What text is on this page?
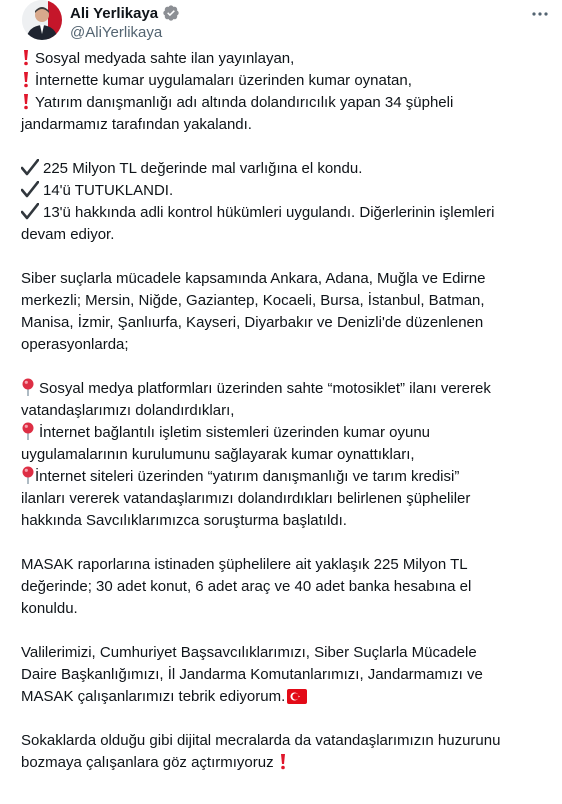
Ali Yerlikaya
@AliYerlikaya
Sosyal medyada sahte ilan yayınlayan,
İnternette kumar uygulamaları üzerinden kumar oynatan,
Yatırım danışmanlığı adı altında dolandırıcılık yapan 34 şüpheli
jandarmamız tarafından yakalandı.
225 Milyon TL değerinde mal varlığına el kondu.
14'ü TUTUKLANDI.
13'ü hakkında adli kontrol hükümleri uygulandı. Diğerlerinin işlemleri
devam ediyor.
Siber suçlarla mücadele kapsamında Ankara, Adana, Muğla ve Edirne
merkezli; Mersin, Niğde, Gaziantep, Kocaeli, Bursa, İstanbul, Batman,
Manisa, İzmir, Şanlıurfa, Kayseri, Diyarbakır ve Denizli'de düzenlenen
operasyonlarda;
Sosyal medya platformları üzerinden sahte “motosiklet” ilanı vererek
vatandaşlarımızı dolandırdıkları,
İnternet bağlantılı işletim sistemleri üzerinden kumar oyunu
uygulamalarının kurulumunu sağlayarak kumar oynattıkları,
İnternet siteleri üzerinden “yatırım danışmanlığı ve tarım kredisi”
ilanları vererek vatandaşlarımızı dolandırdıkları belirlenen şüpheliler
hakkında Savcılıklarımızca soruşturma başlatıldı.
MASAK raporlarına istinaden şüphelilere ait yaklaşık 225 Milyon TL
değerinde; 30 adet konut, 6 adet araç ve 40 adet banka hesabına el
konuldu.
Valilerimizi, Cumhuriyet Başsavcılıklarımızı, Siber Suçlarla Mücadele
Daire Başkanlığımızı, İl Jandarma Komutanlarımızı, Jandarmamızı ve
MASAK çalışanlarımızı tebrik ediyorum.
Sokaklarda olduğu gibi dijital mecralarda da vatandaşlarımızın huzurunu
bozmaya çalışanlara göz açtırmıyoruz
